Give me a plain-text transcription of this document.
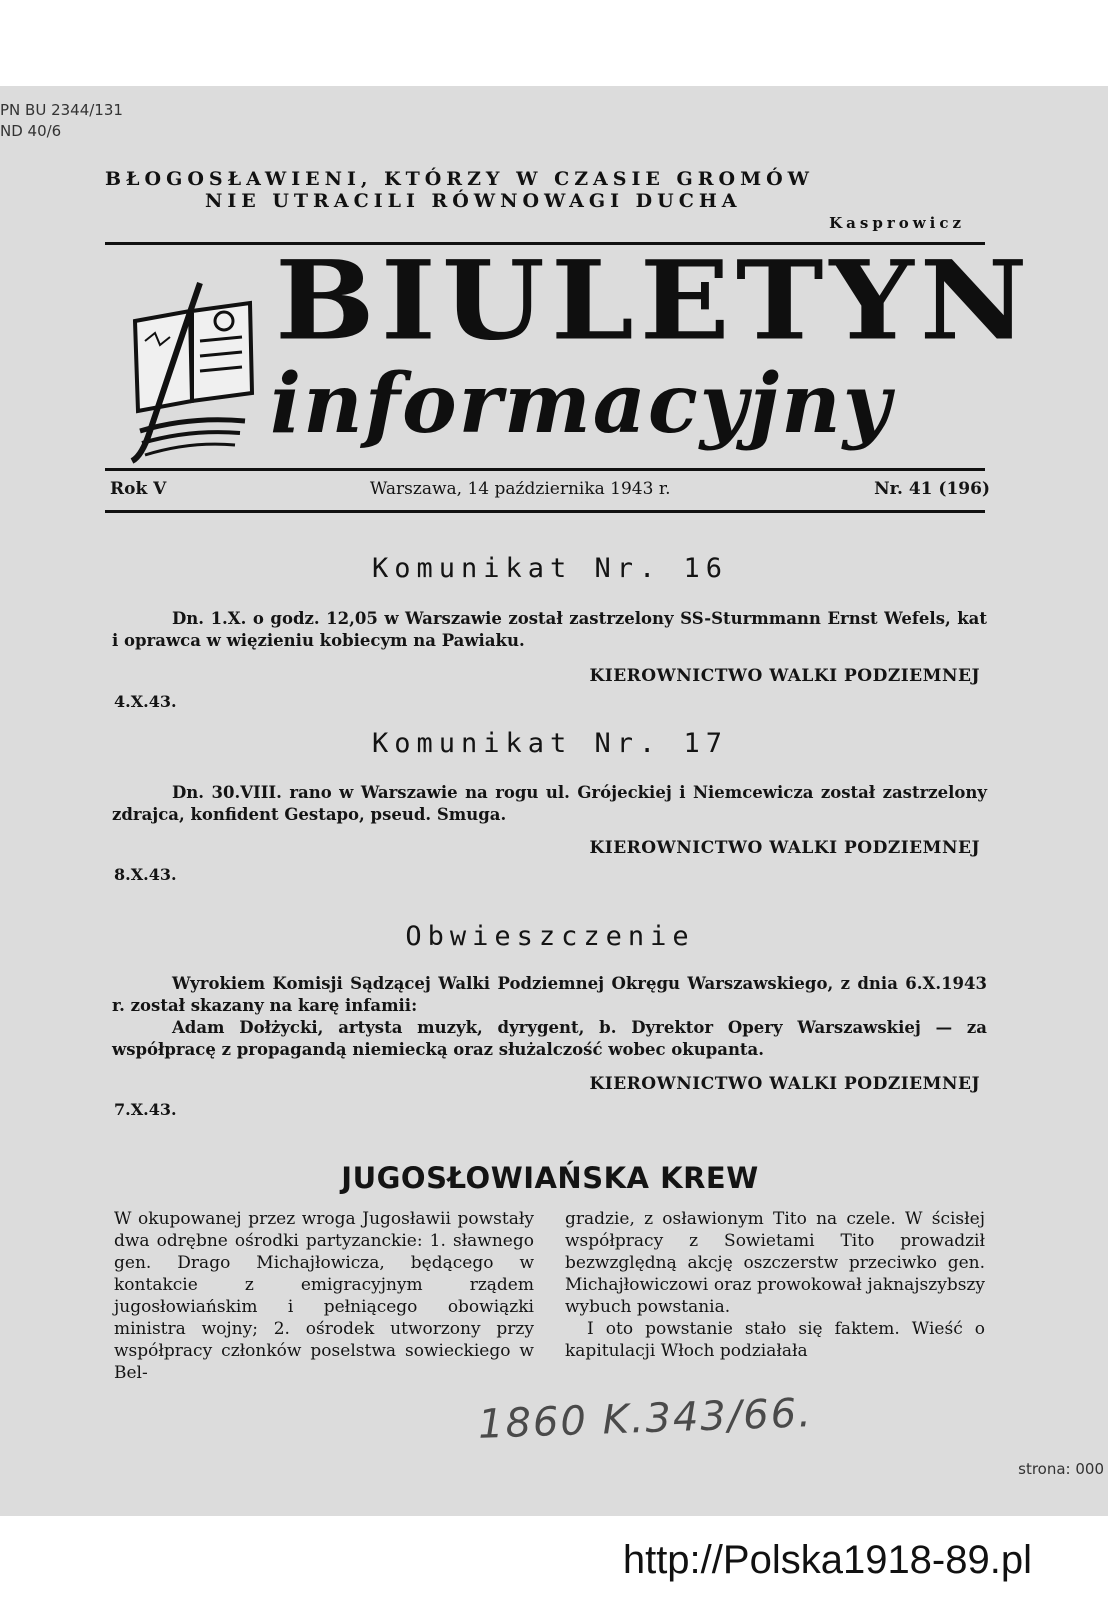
PN BU 2344/131
ND 40/6
BŁOGOSŁAWIENI, KTÓRZY W CZASIE GROMÓW
NIE UTRACILI RÓWNOWAGI DUCHA
Kasprowicz
BIULETYN
informacyjny
Rok V	Warszawa, 14 października 1943 r.	Nr. 41 (196)
Komunikat Nr. 16
Dn. 1.X. o godz. 12,05 w Warszawie został zastrzelony SS-Sturmmann Ernst Wefels, kat i oprawca w więzieniu kobiecym na Pawiaku.
KIEROWNICTWO WALKI PODZIEMNEJ
4.X.43.
Komunikat Nr. 17
Dn. 30.VIII. rano w Warszawie na rogu ul. Grójeckiej i Niemcewicza został zastrzelony zdrajca, konfident Gestapo, pseud. Smuga.
KIEROWNICTWO WALKI PODZIEMNEJ
8.X.43.
Obwieszczenie
Wyrokiem Komisji Sądzącej Walki Podziemnej Okręgu Warszawskiego, z dnia 6.X.1943 r. został skazany na karę infamii:
Adam Dołżycki, artysta muzyk, dyrygent, b. Dyrektor Opery Warszawskiej — za współpracę z propagandą niemiecką oraz służalczość wobec okupanta.
KIEROWNICTWO WALKI PODZIEMNEJ
7.X.43.
JUGOSŁOWIAŃSKA KREW
W okupowanej przez wroga Jugosławii powstały dwa odrębne ośrodki partyzanckie: 1. sławnego gen. Drago Michajłowicza, będącego w kontakcie z emigracyjnym rządem jugosłowiańskim i pełniącego obowiązki ministra wojny; 2. ośrodek utworzony przy współpracy członków poselstwa sowieckiego w Bel-
gradzie, z osławionym Tito na czele. W ścisłej współpracy z Sowietami Tito prowadził bezwzględną akcję oszczerstw przeciwko gen. Michajłowiczowi oraz prowokował jaknajszybszy wybuch powstania.
I oto powstanie stało się faktem. Wieść o kapitulacji Włoch podziałała
1860 K.343/66.
strona: 000
http://Polska1918-89.pl
